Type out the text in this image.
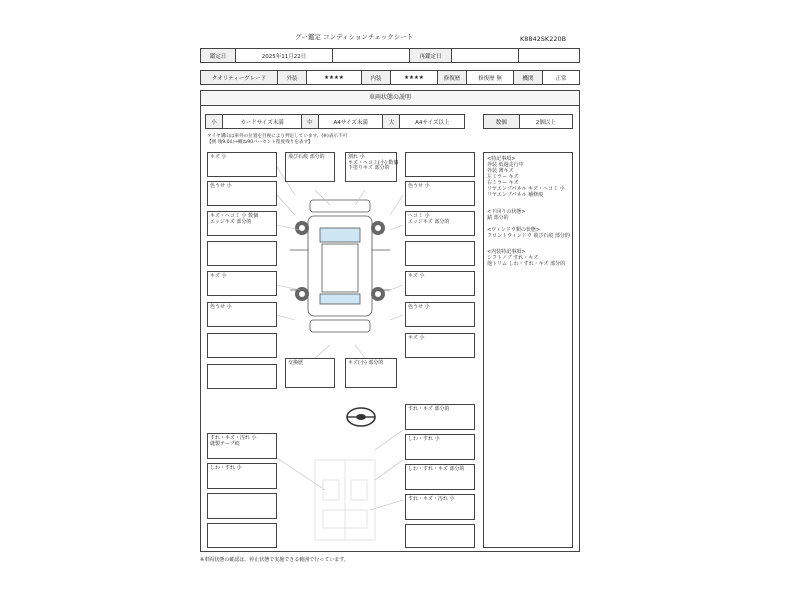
グー鑑定 コンディションチェックシート	K8842SK220B
鑑定日	2025年11月22日		再鑑定日		
クオリティーグレード	外装	★★★★	内装	★★★★	修復歴	修復歴 無	機関	正常
車両状態の説明
小	カードサイズ未満	中	A4サイズ未満	大	A4サイズ以上	数個	2個以上
タイヤ溝山は車外の位置を目視により判定しています。(※)表示不可
【例 残9.0山→概ね90パーセント程度残りを表す】
キズ 小
色うせ 小
キズ・ヘコミ 小 数個
エッジキズ 部分的
キズ 小
色うせ 小
飛び石痕 部分的	割れ 小
キズ・ヘコミ(小) 数個
下塗りキズ 部分的
交換歴	キズ(小) 部分的
色うせ 小
ヘコミ 小
エッジキズ 部分的
キズ 小
色うせ 小
キズ 小
すれ・キズ 部分的
しわ・すれ 小
しわ・すれ・キズ 部分的
すれ・キズ・汚れ 小
すれ・キズ・汚れ 小
縫製テープ痕
しわ・すれ 小
<特記事項>
外装 低過走行中
外装 薄キズ
左ミラー キズ
右ミラー キズ
リヤエンブパネル キズ・ヘコミ 小
リヤエンブパネル 補修痕
<下回りの状態>
錆 部分的
<ウィンドウ類の状態>
フロントウィンドウ 飛び石痕 部分的
<内装特記事項>
シフトノブ すれ・キズ
他トリム しわ・すれ・キズ 部分的
※車両状態の確認は、停止状態で実施できる範囲で行っています。
